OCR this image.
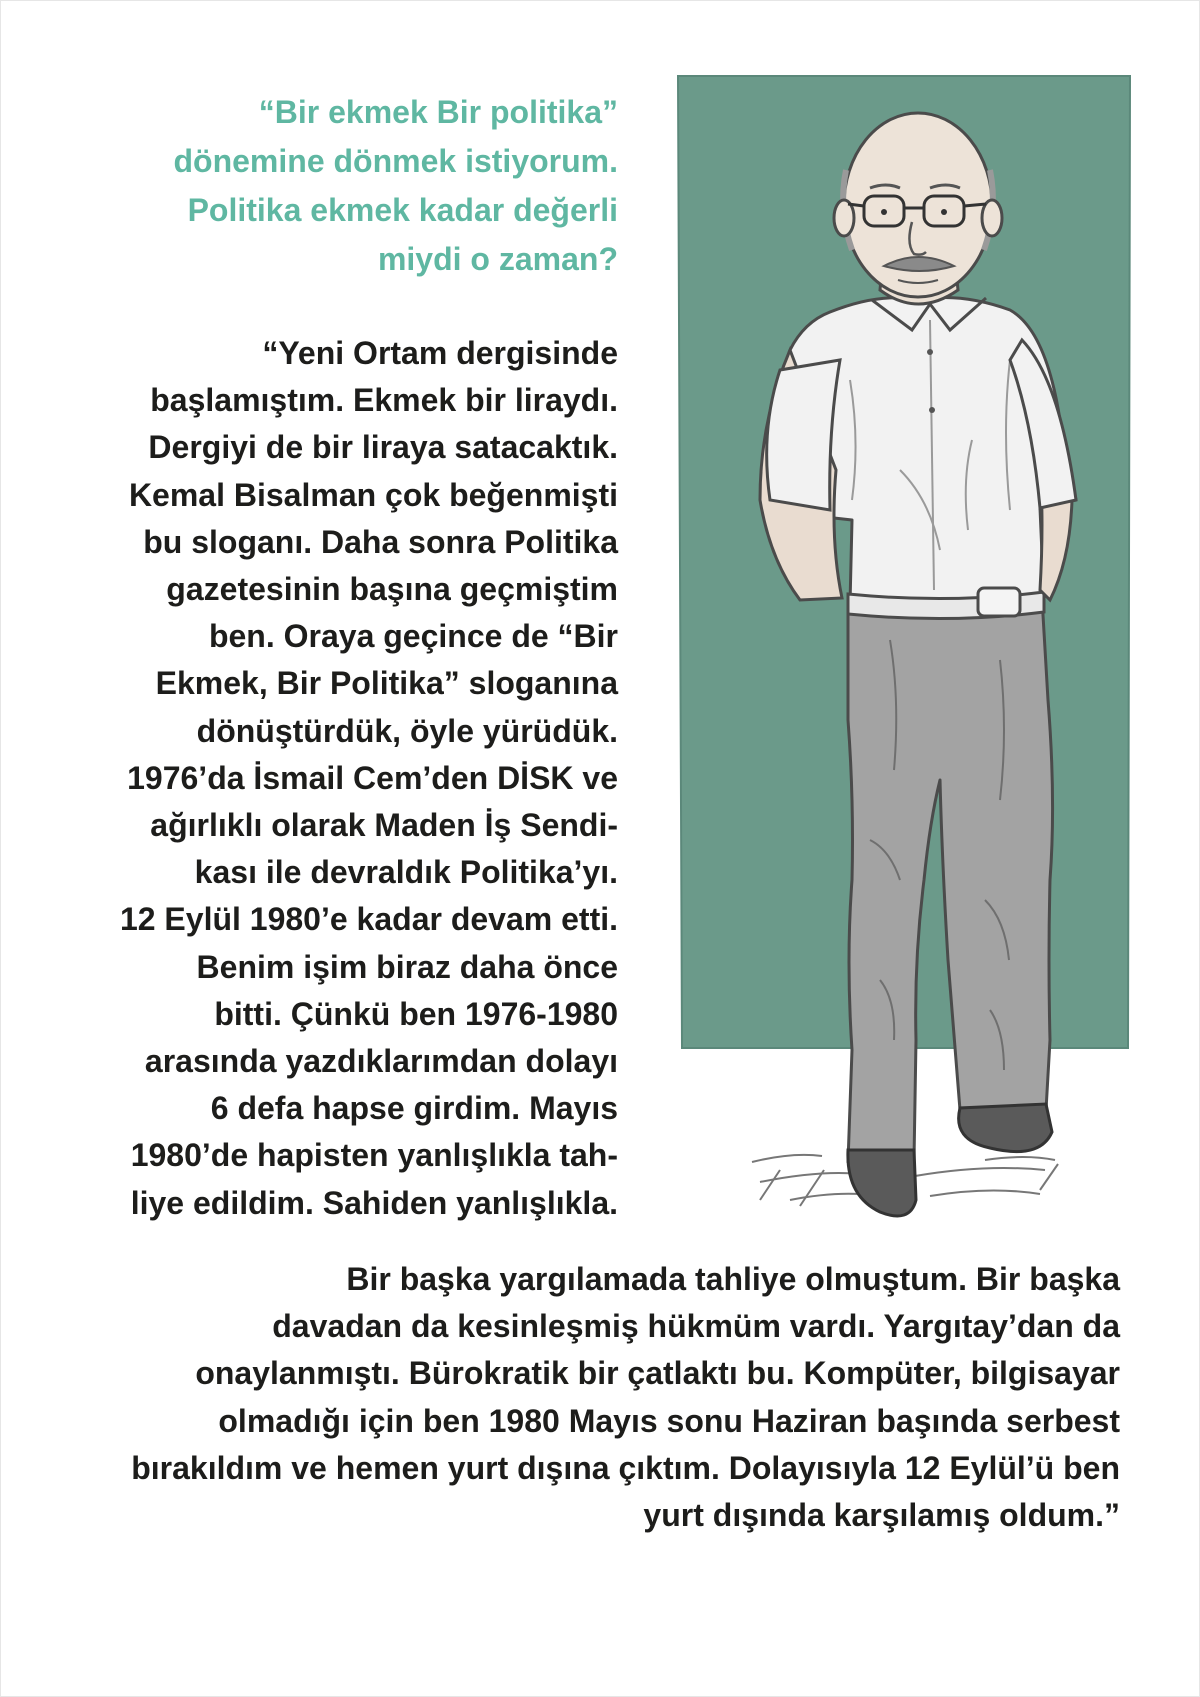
“Bir ekmek Bir politika”
dönemine dönmek istiyorum.
Politika ekmek kadar değerli
miydi o zaman?

“Yeni Ortam dergisinde
başlamıştım. Ekmek bir liraydı.
Dergiyi de bir liraya satacaktık.
Kemal Bisalman çok beğenmişti
bu sloganı. Daha sonra Politika
gazetesinin başına geçmiştim
ben. Oraya geçince de “Bir
Ekmek, Bir Politika” sloganına
dönüştürdük, öyle yürüdük.
1976’da İsmail Cem’den DİSK ve
ağırlıklı olarak Maden İş Sendi-
kası ile devraldık Politika’yı.
12 Eylül 1980’e kadar devam etti.
Benim işim biraz daha önce
bitti. Çünkü ben 1976-1980
arasında yazdıklarımdan dolayı
6 defa hapse girdim. Mayıs
1980’de hapisten yanlışlıkla tah-
liye edildim. Sahiden yanlışlıkla.

Bir başka yargılamada tahliye olmuştum. Bir başka
davadan da kesinleşmiş hükmüm vardı. Yargıtay’dan da
onaylanmıştı. Bürokratik bir çatlaktı bu. Kompüter, bilgisayar
olmadığı için ben 1980 Mayıs sonu Haziran başında serbest
bırakıldım ve hemen yurt dışına çıktım. Dolayısıyla 12 Eylül’ü ben
yurt dışında karşılamış oldum.”
